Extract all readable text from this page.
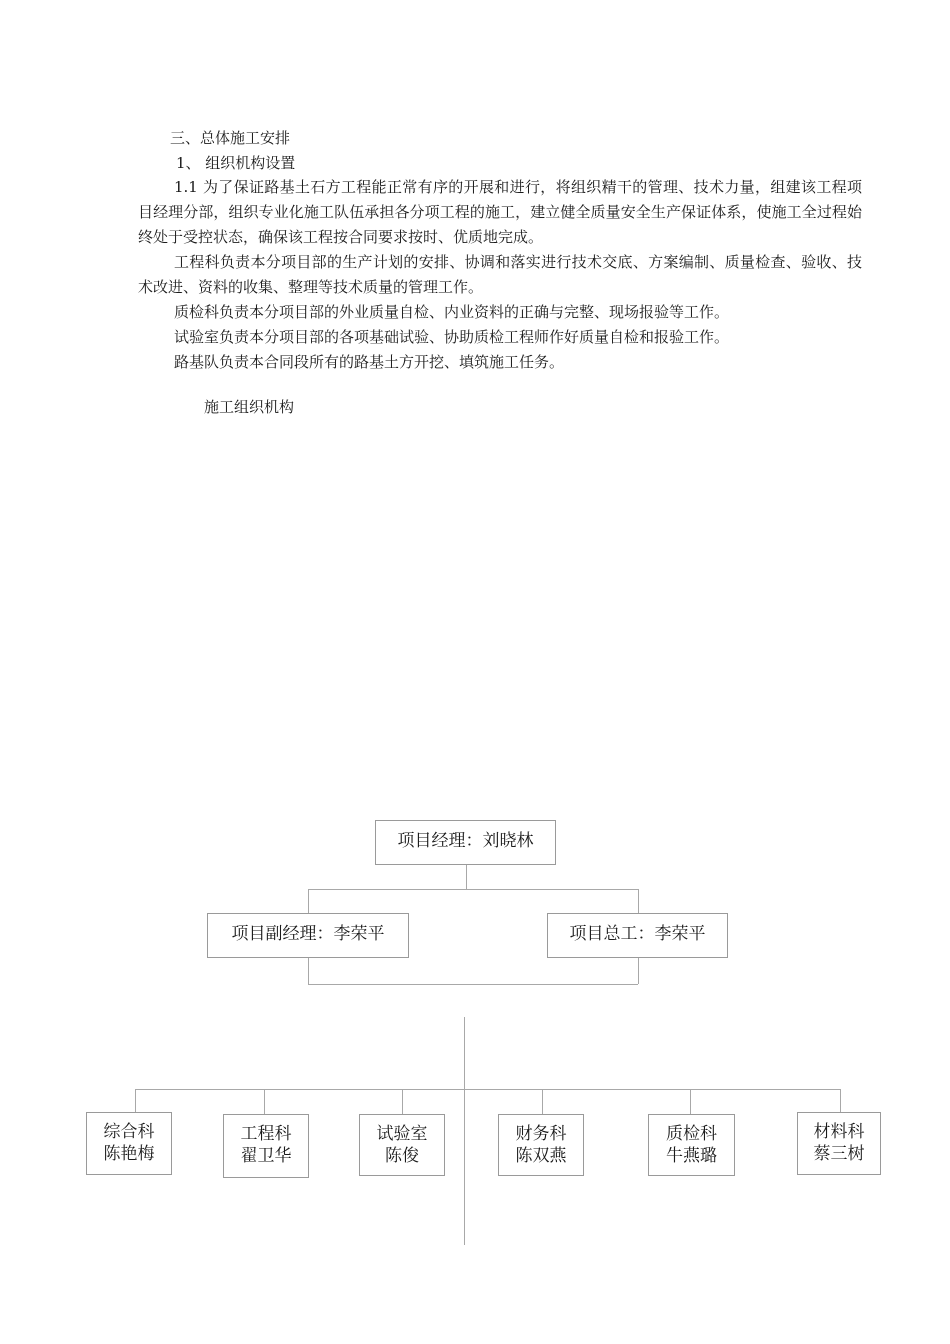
三、总体施工安排
1、 组织机构设置
1.1 为了保证路基土石方工程能正常有序的开展和进行，将组织精干的管理、技术力量，组建该工程项目经理分部，组织专业化施工队伍承担各分项工程的施工，建立健全质量安全生产保证体系，使施工全过程始终处于受控状态，确保该工程按合同要求按时、优质地完成。
工程科负责本分项目部的生产计划的安排、协调和落实进行技术交底、方案编制、质量检查、验收、技术改进、资料的收集、整理等技术质量的管理工作。
质检科负责本分项目部的外业质量自检、内业资料的正确与完整、现场报验等工作。
试验室负责本分项目部的各项基础试验、协助质检工程师作好质量自检和报验工作。
路基队负责本合同段所有的路基土方开挖、填筑施工任务。
施工组织机构
项目经理：刘晓林
项目副经理：李荣平	项目总工：李荣平
综合科
陈艳梅
工程科
翟卫华
试验室
陈俊
财务科
陈双燕
质检科
牛燕璐
材料科
蔡三树
